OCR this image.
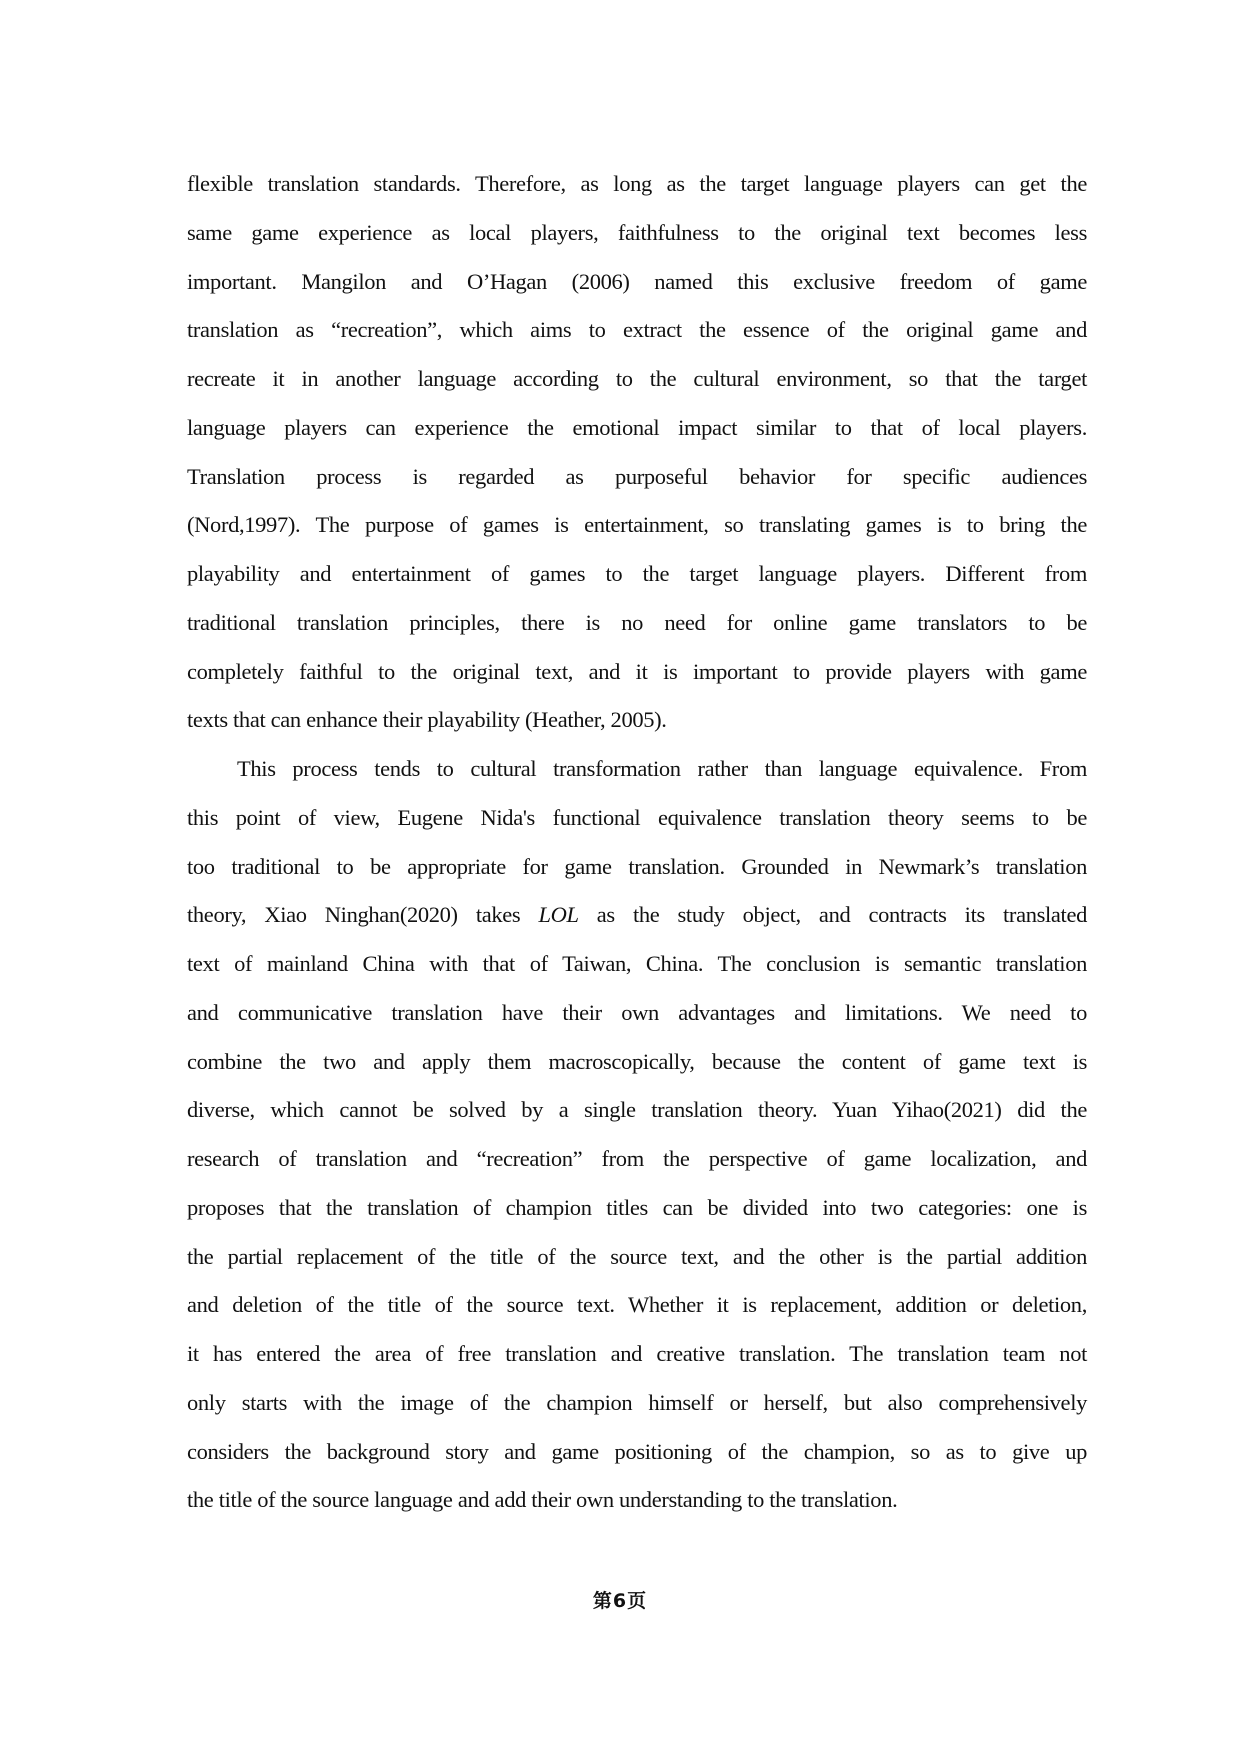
flexible translation standards. Therefore, as long as the target language players can get the
same game experience as local players, faithfulness to the original text becomes less
important. Mangilon and O’Hagan (2006) named this exclusive freedom of game
translation as “recreation”, which aims to extract the essence of the original game and
recreate it in another language according to the cultural environment, so that the target
language players can experience the emotional impact similar to that of local players.
Translation process is regarded as purposeful behavior for specific audiences
(Nord,1997). The purpose of games is entertainment, so translating games is to bring the
playability and entertainment of games to the target language players. Different from
traditional translation principles, there is no need for online game translators to be
completely faithful to the original text, and it is important to provide players with game
texts that can enhance their playability (Heather, 2005).
This process tends to cultural transformation rather than language equivalence. From
this point of view, Eugene Nida's functional equivalence translation theory seems to be
too traditional to be appropriate for game translation. Grounded in Newmark’s translation
theory, Xiao Ninghan(2020) takes LOL as the study object, and contracts its translated
text of mainland China with that of Taiwan, China. The conclusion is semantic translation
and communicative translation have their own advantages and limitations. We need to
combine the two and apply them macroscopically, because the content of game text is
diverse, which cannot be solved by a single translation theory. Yuan Yihao(2021) did the
research of translation and “recreation” from the perspective of game localization, and
proposes that the translation of champion titles can be divided into two categories: one is
the partial replacement of the title of the source text, and the other is the partial addition
and deletion of the title of the source text. Whether it is replacement, addition or deletion,
it has entered the area of free translation and creative translation. The translation team not
only starts with the image of the champion himself or herself, but also comprehensively
considers the background story and game positioning of the champion, so as to give up
the title of the source language and add their own understanding to the translation.
第6页
